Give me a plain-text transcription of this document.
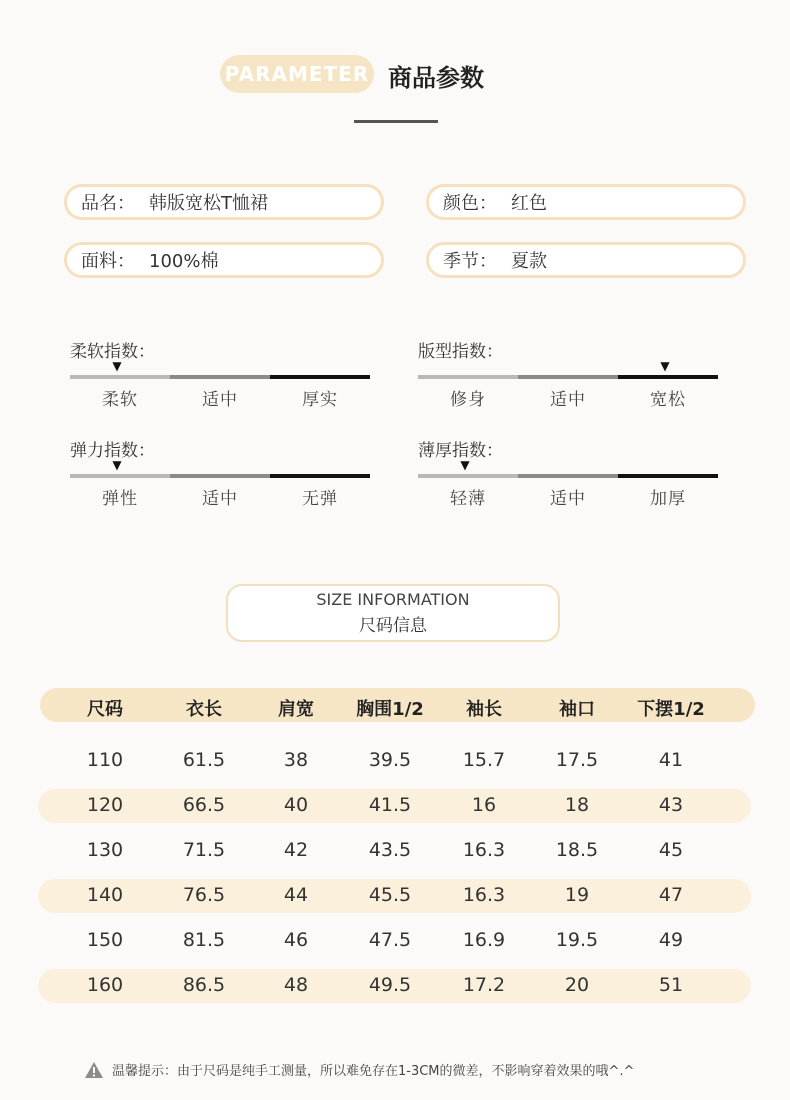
PARAMETER 商品参数
品名： 韩版宽松T恤裙	颜色： 红色
面料： 100%棉	季节： 夏款
柔软指数：
▼
柔软	适中	厚实
版型指数：
▼
修身	适中	宽松
弹力指数：
▼
弹性	适中	无弹
薄厚指数：
▼
轻薄	适中	加厚
SIZE INFORMATION
尺码信息
尺码	衣长	肩宽 胸围1/2 袖长	袖口 下摆1/2
110	61.5	38	39.5	15.7	17.5	41
120	66.5	40	41.5	16	18	43
130	71.5	42	43.5	16.3	18.5	45
140	76.5	44	45.5	16.3	19	47
150	81.5	46	47.5	16.9	19.5	49
160	86.5	48	49.5	17.2	20	51
温馨提示：由于尺码是纯手工测量，所以难免存在1-3CM的微差，不影响穿着效果的哦^.^
